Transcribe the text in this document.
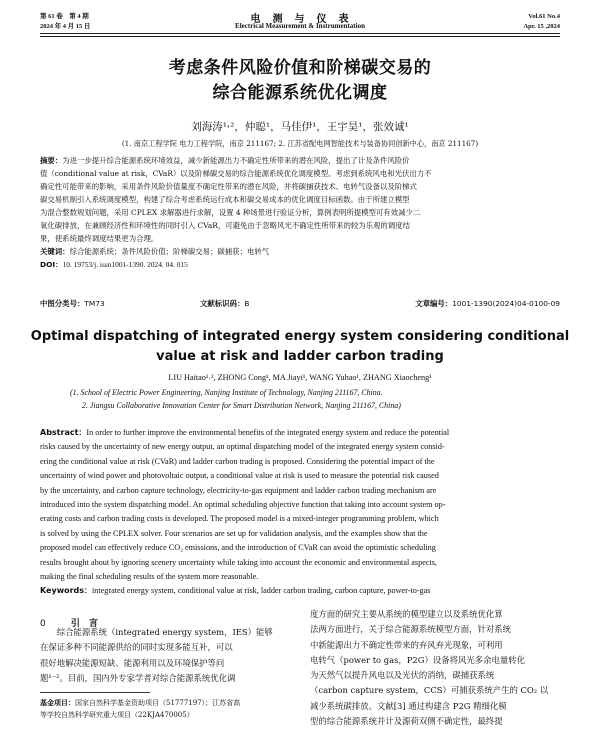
第 61 卷　第 4 期
2024 年 4 月 15 日
电　测　与　仪　表
Electrical Measurement & Instrumentation
Vol.61 No.4
Apr. 15 ,2024
考虑条件风险价值和阶梯碳交易的
综合能源系统优化调度
刘海涛¹˒²，仲聪¹，马佳伊¹，王宇昊¹，张效诚¹
(1. 南京工程学院 电力工程学院，南京 211167; 2. 江苏省配电网智能技术与装备协同创新中心，南京 211167)
摘要：为进一步提升综合能源系统环境效益，减少新能源出力不确定性所带来的潜在风险，提出了计及条件风险价
值（conditional value at risk，CVaR）以及阶梯碳交易的综合能源系统优化调度模型。考虑到系统风电和光伏出力不
确定性可能带来的影响，采用条件风险价值量度不确定性带来的潜在风险，并将碳捕获技术、电转气设备以及阶梯式
碳交易机制引入系统调度模型，构建了综合考虑系统运行成本和碳交易成本的优化调度目标函数。由于所建立模型
为混合整数规划问题，采用 CPLEX 求解器进行求解，设置 4 种场景进行验证分析，算例表明所提模型可有效减少二
氧化碳排放，在兼顾经济性和环境性的同时引入 CVaR，可避免由于忽略风光不确定性所带来的较为乐观的调度结
果，使系统最终调度结果更为合理。
关键词：综合能源系统；条件风险价值；阶梯碳交易；碳捕获；电转气
DOI：10. 19753/j. issn1001-1390. 2024. 04. 015
中图分类号：TM73	文献标识码：B	文章编号：1001-1390(2024)04-0100-09
Optimal dispatching of integrated energy system considering conditional
value at risk and ladder carbon trading
LIU Haitao¹˒², ZHONG Cong¹, MA Jiayi¹, WANG Yuhao¹, ZHANG Xiaocheng¹
(1. School of Electric Power Engineering, Nanjing Institute of Technology, Nanjing 211167, China.
2. Jiangsu Collaborative Innovation Center for Smart Distribution Network, Nanjing 211167, China)
Abstract：In order to further improve the environmental benefits of the integrated energy system and reduce the potential
risks caused by the uncertainty of new energy output, an optimal dispatching model of the integrated energy system consid-
ering the conditional value at risk (CVaR) and ladder carbon trading is proposed. Considering the potential impact of the
uncertainty of wind power and photovoltaic output, a conditional value at risk is used to measure the potential risk caused
by the uncertainty, and carbon capture technology, electricity-to-gas equipment and ladder carbon trading mechanism are
introduced into the system dispatching model. An optimal scheduling objective function that taking into account system op-
erating costs and carbon trading costs is developed. The proposed model is a mixed-integer programming problem, which
is solved by using the CPLEX solver. Four scenarios are set up for validation analysis, and the examples show that the
proposed model can effectively reduce CO₂ emissions, and the introduction of CVaR can avoid the optimistic scheduling
results brought about by ignoring scenery uncertainty while taking into account the economic and environmental aspects,
making the final scheduling results of the system more reasonable.
Keywords：integrated energy system, conditional value at risk, ladder carbon trading, carbon capture, power-to-gas
0	引　言
　　综合能源系统（integrated energy system，IES）能够
在保证多种不同能源供给的同时实现多能互补，可以
很好地解决能源短缺、能源利用以及环境保护等问
题¹⁻²。目前，国内外专家学者对综合能源系统优化调
基金项目：国家自然科学基金资助项目（51777197）；江苏省高
等学校自然科学研究重大项目（22KJA470005）
度方面的研究主要从系统的模型建立以及系统优化算
法两方面进行，关于综合能源系统模型方面，针对系统
中新能源出力不确定性带来的弃风弃光现象，可利用
电转气（power to gas，P2G）设备将风光多余电量转化
为天然气以提升风电以及光伏的消纳，碳捕获系统
（carbon capture system，CCS）可捕获系统产生的 CO₂ 以
减少系统碳排放。文献[3] 通过构建含 P2G 精细化模
型的综合能源系统并计及源荷双侧不确定性，最终提
